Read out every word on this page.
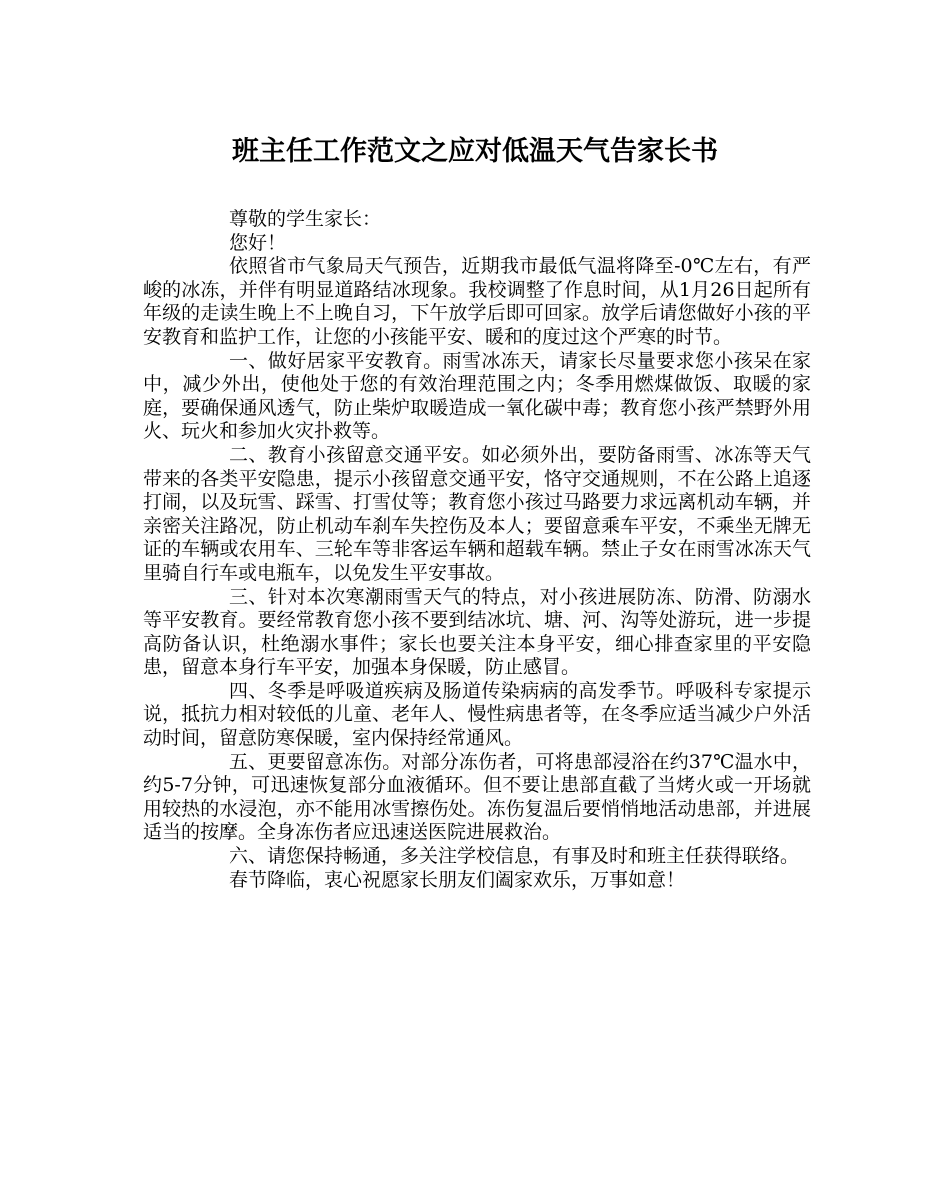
班主任工作范文之应对低温天气告家长书

尊敬的学生家长：

您好！

依照省市气象局天气预告，近期我市最低气温将降至-0℃左右，有严峻的冰冻，并伴有明显道路结冰现象。我校调整了作息时间，从1月26日起所有年级的走读生晚上不上晚自习，下午放学后即可回家。放学后请您做好小孩的平安教育和监护工作，让您的小孩能平安、暖和的度过这个严寒的时节。

一、做好居家平安教育。雨雪冰冻天，请家长尽量要求您小孩呆在家中，减少外出，使他处于您的有效治理范围之内；冬季用燃煤做饭、取暖的家庭，要确保通风透气，防止柴炉取暖造成一氧化碳中毒；教育您小孩严禁野外用火、玩火和参加火灾扑救等。

二、教育小孩留意交通平安。如必须外出，要防备雨雪、冰冻等天气带来的各类平安隐患，提示小孩留意交通平安，恪守交通规则，不在公路上追逐打闹，以及玩雪、踩雪、打雪仗等；教育您小孩过马路要力求远离机动车辆，并亲密关注路况，防止机动车刹车失控伤及本人；要留意乘车平安，不乘坐无牌无证的车辆或农用车、三轮车等非客运车辆和超载车辆。禁止子女在雨雪冰冻天气里骑自行车或电瓶车，以免发生平安事故。

三、针对本次寒潮雨雪天气的特点，对小孩进展防冻、防滑、防溺水等平安教育。要经常教育您小孩不要到结冰坑、塘、河、沟等处游玩，进一步提高防备认识，杜绝溺水事件；家长也要关注本身平安，细心排查家里的平安隐患，留意本身行车平安，加强本身保暖，防止感冒。

四、冬季是呼吸道疾病及肠道传染病病的高发季节。呼吸科专家提示说，抵抗力相对较低的儿童、老年人、慢性病患者等，在冬季应适当减少户外活动时间，留意防寒保暖，室内保持经常通风。

五、更要留意冻伤。对部分冻伤者，可将患部浸浴在约37℃温水中，约5-7分钟，可迅速恢复部分血液循环。但不要让患部直截了当烤火或一开场就用较热的水浸泡，亦不能用冰雪擦伤处。冻伤复温后要悄悄地活动患部，并进展适当的按摩。全身冻伤者应迅速送医院进展救治。

六、请您保持畅通，多关注学校信息，有事及时和班主任获得联络。

春节降临，衷心祝愿家长朋友们阖家欢乐，万事如意！
